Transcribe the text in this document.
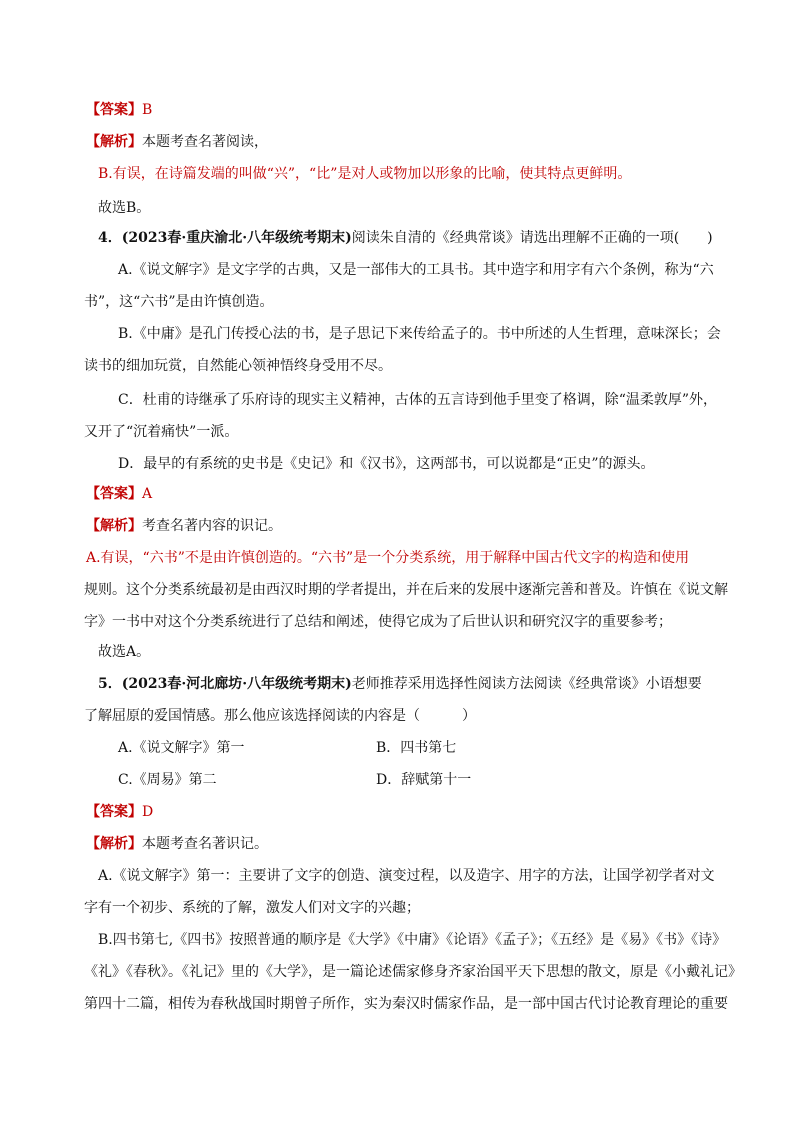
【答案】B
【解析】本题考查名著阅读，
B.有误，在诗篇发端的叫做“兴”，“比”是对人或物加以形象的比喻，使其特点更鲜明。
故选B。
4．(2023春·重庆渝北·八年级统考期末)阅读朱自清的《经典常谈》请选出理解不正确的一项(　　)
A.《说文解字》是文字学的古典，又是一部伟大的工具书。其中造字和用字有六个条例，称为“六
书”，这“六书”是由许慎创造。
B.《中庸》是孔门传授心法的书，是子思记下来传给孟子的。书中所述的人生哲理，意味深长；会
读书的细加玩赏，自然能心领神悟终身受用不尽。
C．杜甫的诗继承了乐府诗的现实主义精神，古体的五言诗到他手里变了格调，除“温柔敦厚”外，
又开了“沉着痛快”一派。
D．最早的有系统的史书是《史记》和《汉书》，这两部书，可以说都是“正史”的源头。
【答案】A
【解析】考查名著内容的识记。
A.有误，“六书”不是由许慎创造的。“六书”是一个分类系统，用于解释中国古代文字的构造和使用
规则。这个分类系统最初是由西汉时期的学者提出，并在后来的发展中逐渐完善和普及。许慎在《说文解
字》一书中对这个分类系统进行了总结和阐述，使得它成为了后世认识和研究汉字的重要参考；
故选A。
5．(2023春·河北廊坊·八年级统考期末)老师推荐采用选择性阅读方法阅读《经典常谈》小语想要
了解屈原的爱国情感。那么他应该选择阅读的内容是（　　　）
A.《说文解字》第一	B．四书第七
C.《周易》第二	D．辞赋第十一
【答案】D
【解析】本题考查名著识记。
A.《说文解字》第一：主要讲了文字的创造、演变过程，以及造字、用字的方法，让国学初学者对文
字有一个初步、系统的了解，激发人们对文字的兴趣；
B.四书第七,《四书》按照普通的顺序是《大学》《中庸》《论语》《孟子》；《五经》是《易》《书》《诗》
《礼》《春秋》。《礼记》里的《大学》，是一篇论述儒家修身齐家治国平天下思想的散文，原是《小戴礼记》
第四十二篇，相传为春秋战国时期曾子所作，实为秦汉时儒家作品，是一部中国古代讨论教育理论的重要
